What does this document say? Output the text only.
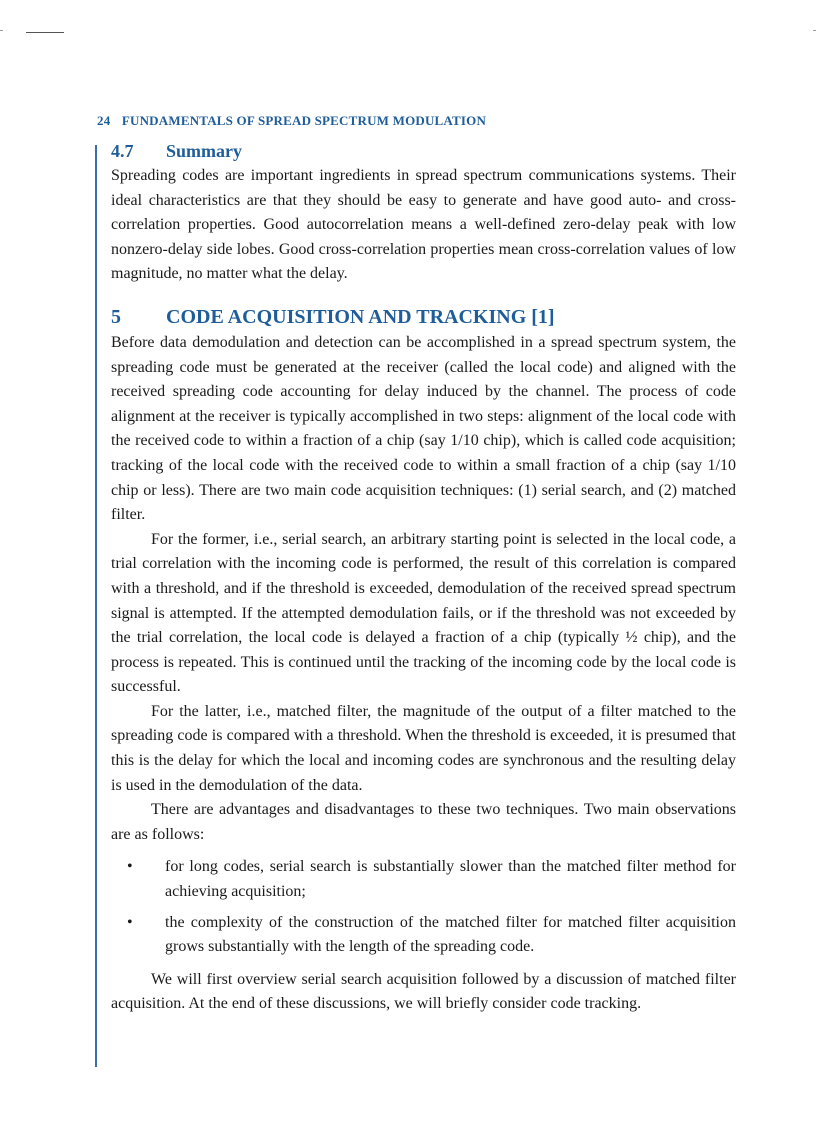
24 FUNDAMENTALS OF SPREAD SPECTRUM MODULATION
4.7 Summary

Spreading codes are important ingredients in spread spectrum communications systems. Their ideal characteristics are that they should be easy to generate and have good auto- and cross-correlation properties. Good autocorrelation means a well-defined zero-delay peak with low nonzero-delay side lobes. Good cross-correlation properties mean cross-correlation values of low magnitude, no matter what the delay.

5 CODE ACQUISITION AND TRACKING [1]

Before data demodulation and detection can be accomplished in a spread spectrum system, the spreading code must be generated at the receiver (called the local code) and aligned with the received spreading code accounting for delay induced by the channel. The process of code alignment at the receiver is typically accomplished in two steps: alignment of the local code with the received code to within a fraction of a chip (say 1/10 chip), which is called code acquisition; tracking of the local code with the received code to within a small fraction of a chip (say 1/10 chip or less). There are two main code acquisition techniques: (1) serial search, and (2) matched filter.

For the former, i.e., serial search, an arbitrary starting point is selected in the local code, a trial correlation with the incoming code is performed, the result of this correlation is compared with a threshold, and if the threshold is exceeded, demodulation of the received spread spectrum signal is attempted. If the attempted demodulation fails, or if the threshold was not exceeded by the trial correlation, the local code is delayed a fraction of a chip (typically ½ chip), and the process is repeated. This is continued until the tracking of the incoming code by the local code is successful.

For the latter, i.e., matched filter, the magnitude of the output of a filter matched to the spreading code is compared with a threshold. When the threshold is exceeded, it is presumed that this is the delay for which the local and incoming codes are synchronous and the resulting delay is used in the demodulation of the data.

There are advantages and disadvantages to these two techniques. Two main observations are as follows:

• for long codes, serial search is substantially slower than the matched filter method for achieving acquisition;
• the complexity of the construction of the matched filter for matched filter acquisition grows substantially with the length of the spreading code.

We will first overview serial search acquisition followed by a discussion of matched filter acquisition. At the end of these discussions, we will briefly consider code tracking.
